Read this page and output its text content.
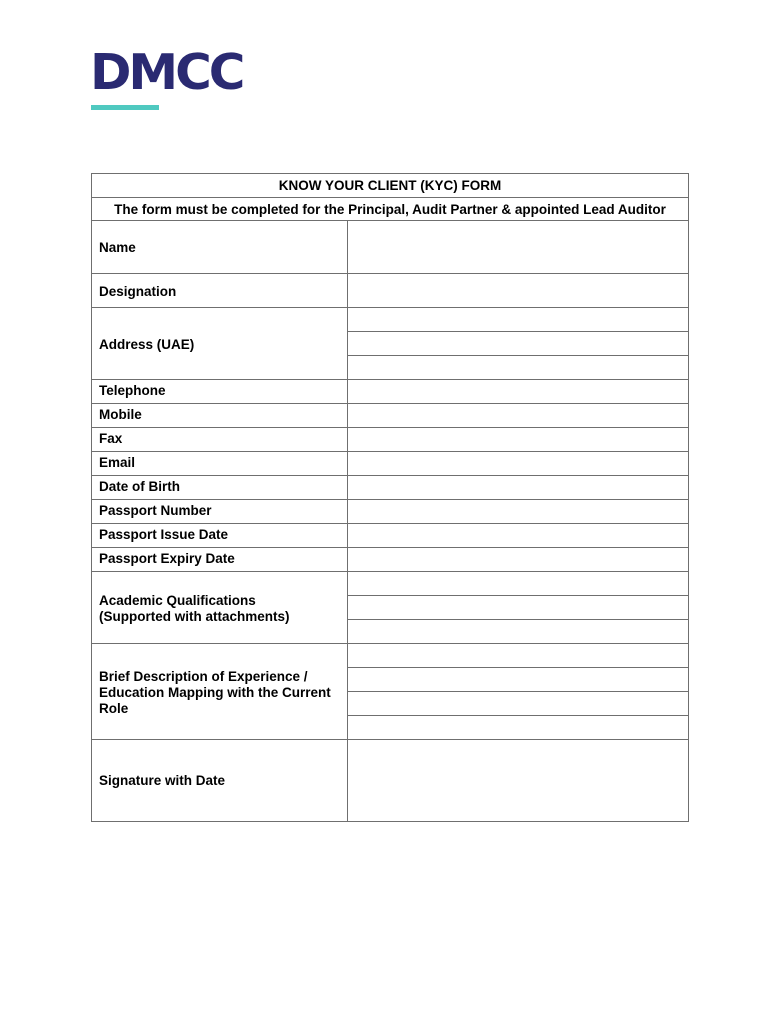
DMCC
KNOW YOUR CLIENT (KYC) FORM
The form must be completed for the Principal, Audit Partner & appointed Lead Auditor
Name
Designation
Address (UAE)
Telephone
Mobile
Fax
Email
Date of Birth
Passport Number
Passport Issue Date
Passport Expiry Date
Academic Qualifications
(Supported with attachments)
Brief Description of Experience /
Education Mapping with the Current
Role
Signature with Date
